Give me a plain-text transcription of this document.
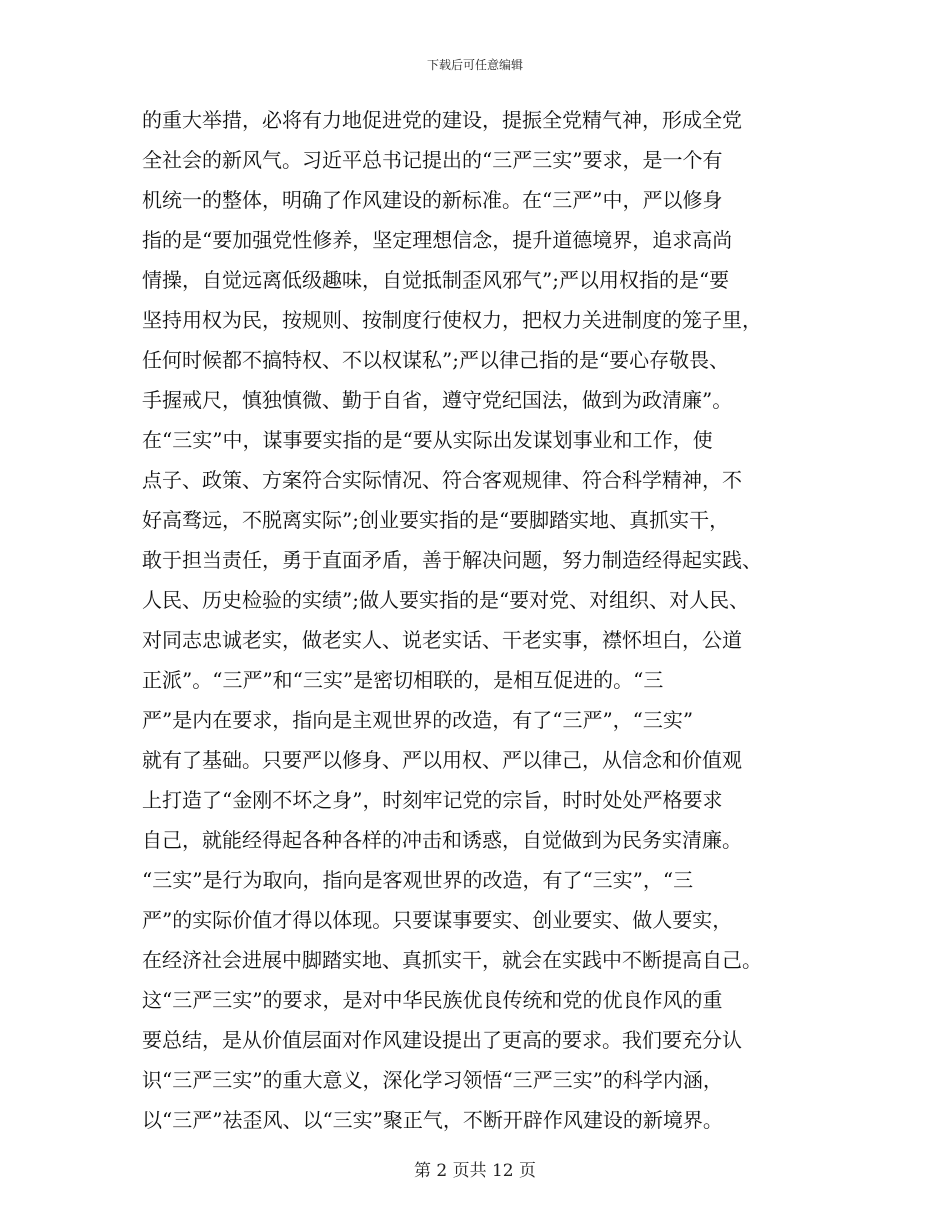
下载后可任意编辑
的重大举措，必将有力地促进党的建设，提振全党精气神，形成全党
全社会的新风气。习近平总书记提出的“三严三实”要求，是一个有
机统一的整体，明确了作风建设的新标准。在“三严”中，严以修身
指的是“要加强党性修养，坚定理想信念，提升道德境界，追求高尚
情操，自觉远离低级趣味，自觉抵制歪风邪气”;严以用权指的是“要
坚持用权为民，按规则、按制度行使权力，把权力关进制度的笼子里，
任何时候都不搞特权、不以权谋私”;严以律己指的是“要心存敬畏、
手握戒尺，慎独慎微、勤于自省，遵守党纪国法，做到为政清廉”。
在“三实”中，谋事要实指的是“要从实际出发谋划事业和工作，使
点子、政策、方案符合实际情况、符合客观规律、符合科学精神，不
好高骛远，不脱离实际”;创业要实指的是“要脚踏实地、真抓实干，
敢于担当责任，勇于直面矛盾，善于解决问题，努力制造经得起实践、
人民、历史检验的实绩”;做人要实指的是“要对党、对组织、对人民、
对同志忠诚老实，做老实人、说老实话、干老实事，襟怀坦白，公道
正派”。“三严”和“三实”是密切相联的，是相互促进的。“三
严”是内在要求，指向是主观世界的改造，有了“三严”，“三实”
就有了基础。只要严以修身、严以用权、严以律己，从信念和价值观
上打造了“金刚不坏之身”，时刻牢记党的宗旨，时时处处严格要求
自己，就能经得起各种各样的冲击和诱惑，自觉做到为民务实清廉。
“三实”是行为取向，指向是客观世界的改造，有了“三实”，“三
严”的实际价值才得以体现。只要谋事要实、创业要实、做人要实，
在经济社会进展中脚踏实地、真抓实干，就会在实践中不断提高自己。
这“三严三实”的要求，是对中华民族优良传统和党的优良作风的重
要总结，是从价值层面对作风建设提出了更高的要求。我们要充分认
识“三严三实”的重大意义，深化学习领悟“三严三实”的科学内涵，
以“三严”祛歪风、以“三实”聚正气，不断开辟作风建设的新境界。
第 2 页共 12 页
